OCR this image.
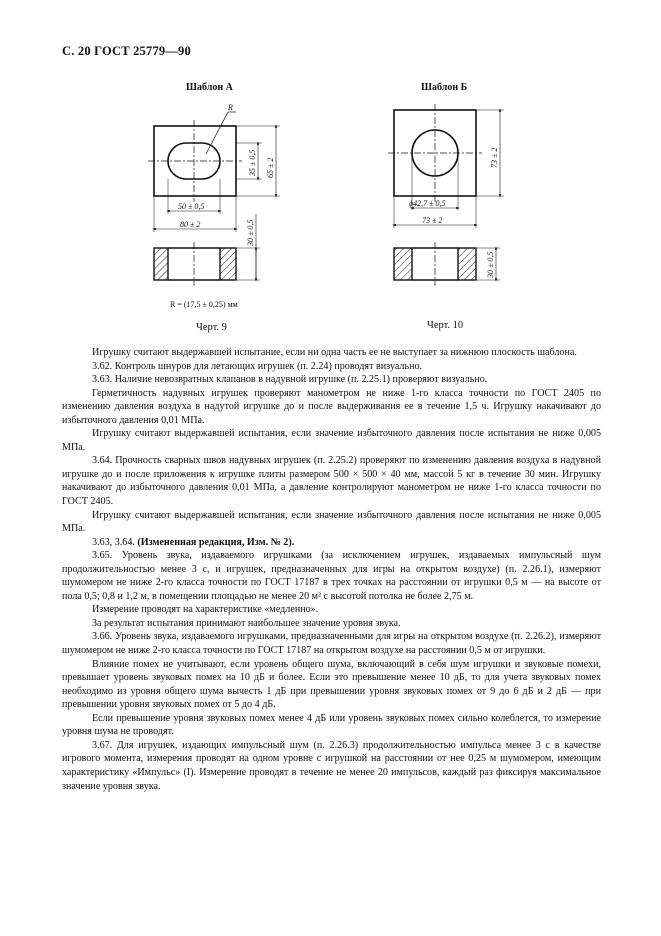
С. 20 ГОСТ 25779—90
Шаблон А
R
35 ± 0,5 65 ± 2
50 ± 0,5
80 ± 2	30 ± 0,5
R = (17,5 ± 0,25) мм
Черт. 9
Шаблон Б
73 ± 2
ϕ42,7 ± 0,5
73 ± 2
30 ± 0,5
Черт. 10

Игрушку считают выдержавшей испытание, если ни одна часть ее не выступает за нижнюю плоскость шаблона.

3.62. Контроль шнуров для летающих игрушек (п. 2.24) проводят визуально.

3.63. Наличие невозвратных клапанов в надувной игрушке (п. 2.25.1) проверяют визуально.

Герметичность надувных игрушек проверяют манометром не ниже 1-го класса точности по ГОСТ 2405 по изменению давления воздуха в надутой игрушке до и после выдерживания ее в течение 1,5 ч. Игрушку накачивают до избыточного давления 0,01 МПа.

Игрушку считают выдержавшей испытания, если значение избыточного давления после испытания не ниже 0,005 МПа.

3.64. Прочность сварных швов надувных игрушек (п. 2.25.2) проверяют по изменению давления воздуха в надувной игрушке до и после приложения к игрушке плиты размером 500 × 500 × 40 мм, массой 5 кг в течение 30 мин. Игрушку накачивают до избыточного давления 0,01 МПа, а давление контролируют манометром не ниже 1-го класса точности по ГОСТ 2405.

Игрушку считают выдержавшей испытания, если значение избыточного давления после испытания не ниже 0,005 МПа.

3.63, 3.64. (Измененная редакция, Изм. № 2).

3.65. Уровень звука, издаваемого игрушками (за исключением игрушек, издаваемых импульсный шум продолжительностью менее 3 с, и игрушек, предназначенных для игры на открытом воздухе) (п. 2.26.1), измеряют шумомером не ниже 2-го класса точности по ГОСТ 17187 в трех точках на расстоянии от игрушки 0,5 м — на высоте от пола 0,5; 0,8 и 1,2 м, в помещении площадью не менее 20 м² с высотой потолка не более 2,75 м.

Измерение проводят на характеристике «медленно».

За результат испытания принимают наибольшее значение уровня звука.

3.66. Уровень звука, издаваемого игрушками, предназначенными для игры на открытом воздухе (п. 2.26.2), измеряют шумомером не ниже 2-го класса точности по ГОСТ 17187 на открытом воздухе на расстоянии 0,5 м от игрушки.

Влияние помех не учитывают, если уровень общего шума, включающий в себя шум игрушки и звуковые помехи, превышает уровень звуковых помех на 10 дБ и более. Если это превышение менее 10 дБ, то для учета звуковых помех необходимо из уровня общего шума вычесть 1 дБ при превышении уровня звуковых помех от 9 до 6 дБ и 2 дБ — при превышении уровня звуковых помех от 5 до 4 дБ.

Если превышение уровня звуковых помех менее 4 дБ или уровень звуковых помех сильно колеблется, то измерение уровня шума не проводят.

3.67. Для игрушек, издающих импульсный шум (п. 2.26.3) продолжительностью импульса менее 3 с в качестве игрового момента, измерения проводят на одном уровне с игрушкой на расстоянии от нее 0,25 м шумомером, имеющим характеристику «Импульс» (I). Измерение проводят в течение не менее 20 импульсов, каждый раз фиксируя максимальное значение уровня звука.
